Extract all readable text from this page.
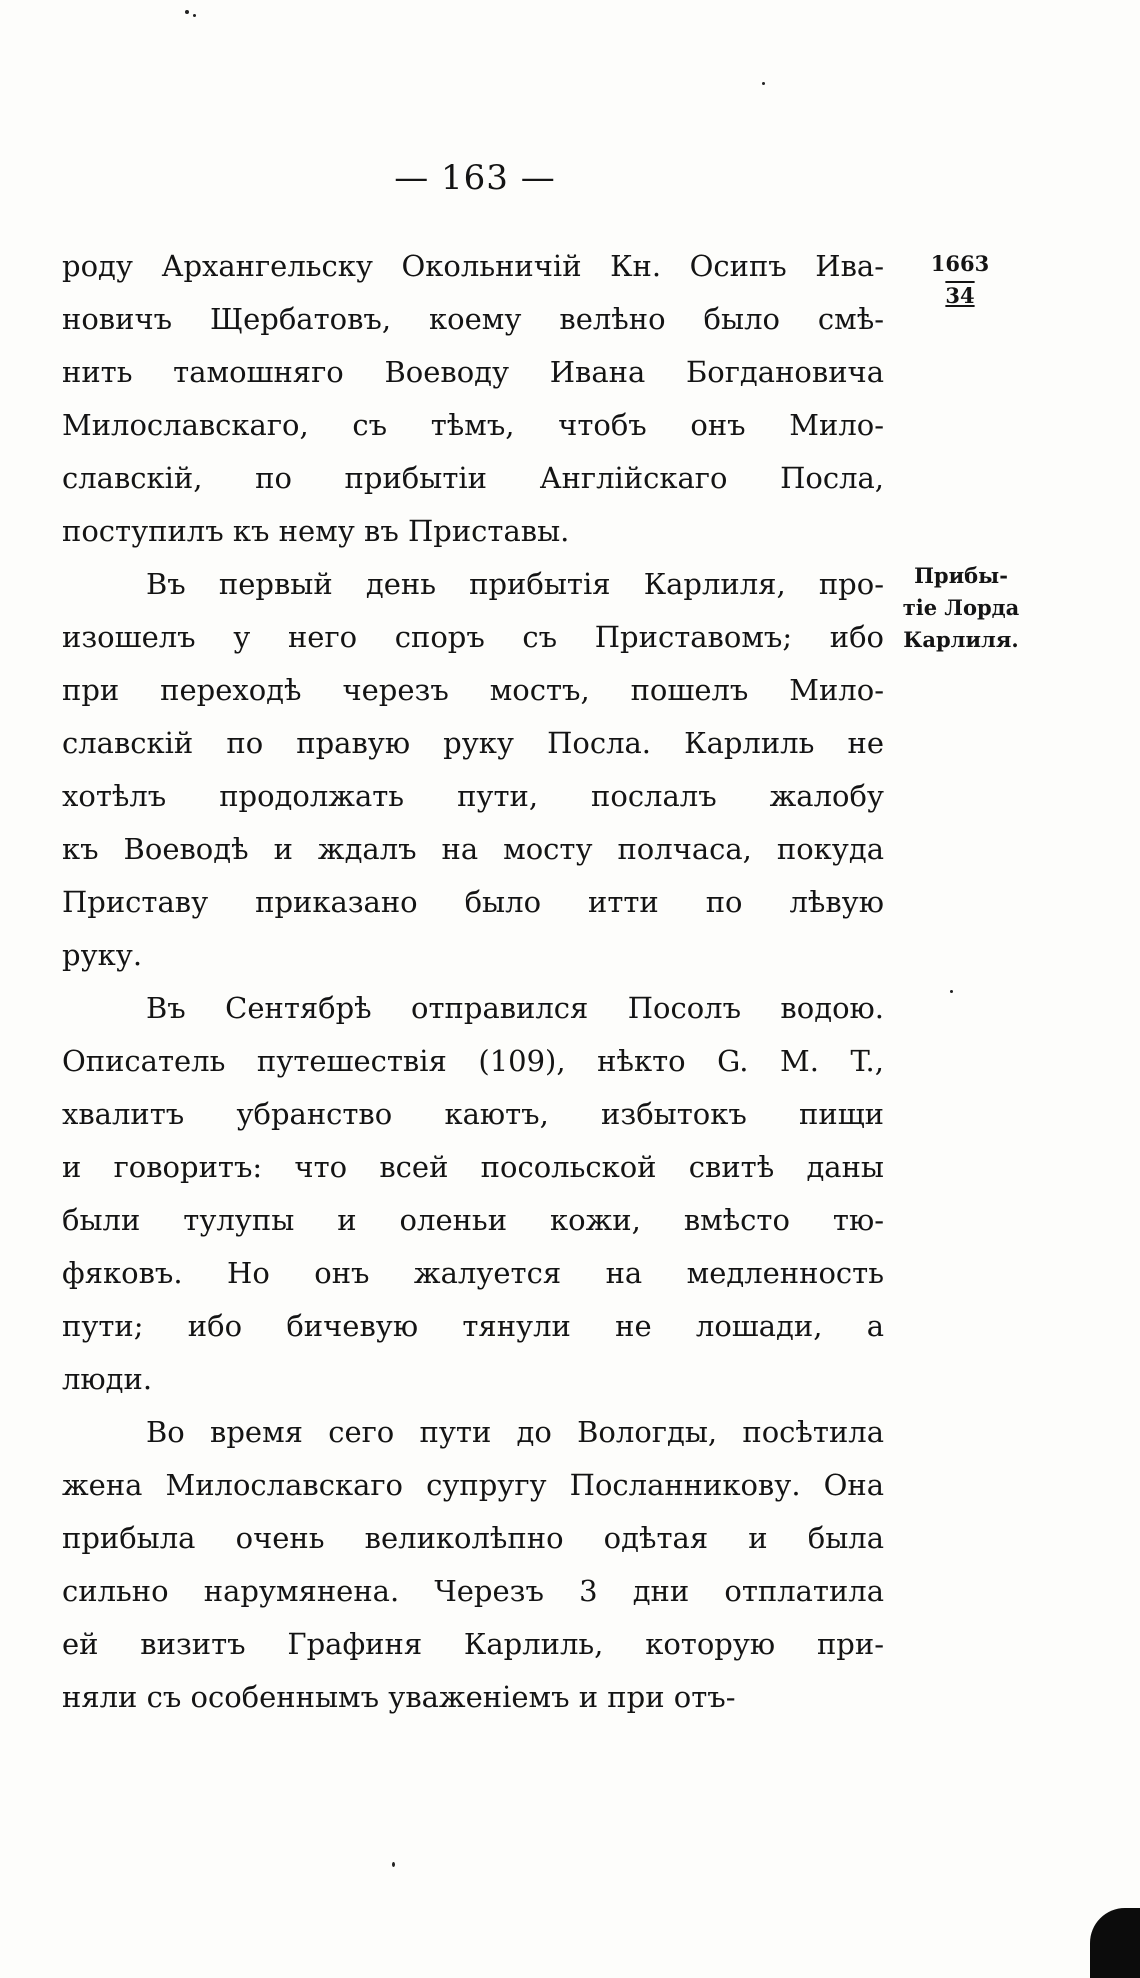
— 163 —
1663
34
Прибы-
тіе Лорда
Карлиля.

роду Архангельску Окольничій Кн. Осипъ Ива-
новичъ Щербатовъ, коему велѣно было смѣ-
нить тамошняго Воеводу Ивана Богдановича
Милославскаго, съ тѣмъ, чтобъ онъ Мило-
славскій, по прибытіи Англійскаго Посла,
поступилъ къ нему въ Приставы.

Въ первый день прибытія Карлиля, про-
изошелъ у него споръ съ Приставомъ; ибо
при переходѣ черезъ мостъ, пошелъ Мило-
славскій по правую руку Посла. Карлиль не
хотѣлъ продолжать пути, послалъ жалобу
къ Воеводѣ и ждалъ на мосту полчаса, покуда
Приставу приказано было итти по лѣвую
руку.

Въ Сентябрѣ отправился Посолъ водою.
Описатель путешествія (109), нѣкто G. M. T.,
хвалитъ убранство каютъ, избытокъ пищи
и говоритъ: что всей посольской свитѣ даны
были тулупы и оленьи кожи, вмѣсто тю-
фяковъ. Но онъ жалуется на медленность
пути; ибо бичевую тянули не лошади, а
люди.

Во время сего пути до Вологды, посѣтила
жена Милославскаго супругу Посланникову. Она
прибыла очень великолѣпно одѣтая и была
сильно нарумянена. Черезъ 3 дни отплатила
ей визитъ Графиня Карлиль, которую при-
няли съ особеннымъ уваженіемъ и при отъ-
